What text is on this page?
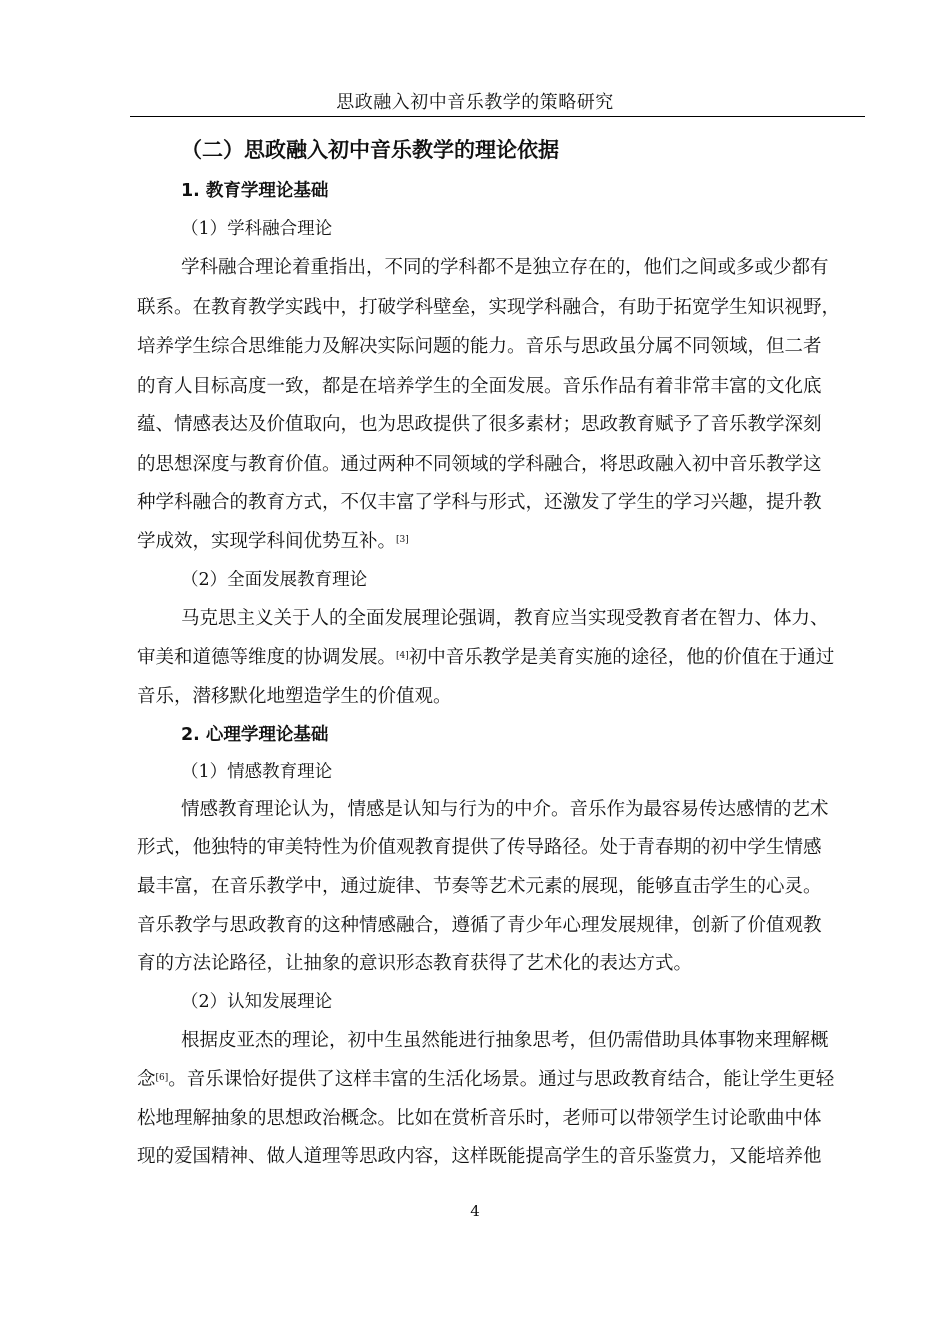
思政融入初中音乐教学的策略研究
（二）思政融入初中音乐教学的理论依据
1. 教育学理论基础
（1）学科融合理论
学科融合理论着重指出，不同的学科都不是独立存在的，他们之间或多或少都有
联系。在教育教学实践中，打破学科壁垒，实现学科融合，有助于拓宽学生知识视野，
培养学生综合思维能力及解决实际问题的能力。音乐与思政虽分属不同领域，但二者
的育人目标高度一致，都是在培养学生的全面发展。音乐作品有着非常丰富的文化底
蕴、情感表达及价值取向，也为思政提供了很多素材；思政教育赋予了音乐教学深刻
的思想深度与教育价值。通过两种不同领域的学科融合，将思政融入初中音乐教学这
种学科融合的教育方式，不仅丰富了学科与形式，还激发了学生的学习兴趣，提升教
学成效，实现学科间优势互补。[3]
（2）全面发展教育理论
马克思主义关于人的全面发展理论强调，教育应当实现受教育者在智力、体力、
审美和道德等维度的协调发展。[4]初中音乐教学是美育实施的途径，他的价值在于通过
音乐，潜移默化地塑造学生的价值观。
2. 心理学理论基础
（1）情感教育理论
情感教育理论认为，情感是认知与行为的中介。音乐作为最容易传达感情的艺术
形式，他独特的审美特性为价值观教育提供了传导路径。处于青春期的初中学生情感
最丰富，在音乐教学中，通过旋律、节奏等艺术元素的展现，能够直击学生的心灵。
音乐教学与思政教育的这种情感融合，遵循了青少年心理发展规律，创新了价值观教
育的方法论路径，让抽象的意识形态教育获得了艺术化的表达方式。
（2）认知发展理论
根据皮亚杰的理论，初中生虽然能进行抽象思考，但仍需借助具体事物来理解概
念[6]。音乐课恰好提供了这样丰富的生活化场景。通过与思政教育结合，能让学生更轻
松地理解抽象的思想政治概念。比如在赏析音乐时，老师可以带领学生讨论歌曲中体
现的爱国精神、做人道理等思政内容，这样既能提高学生的音乐鉴赏力，又能培养他
4
